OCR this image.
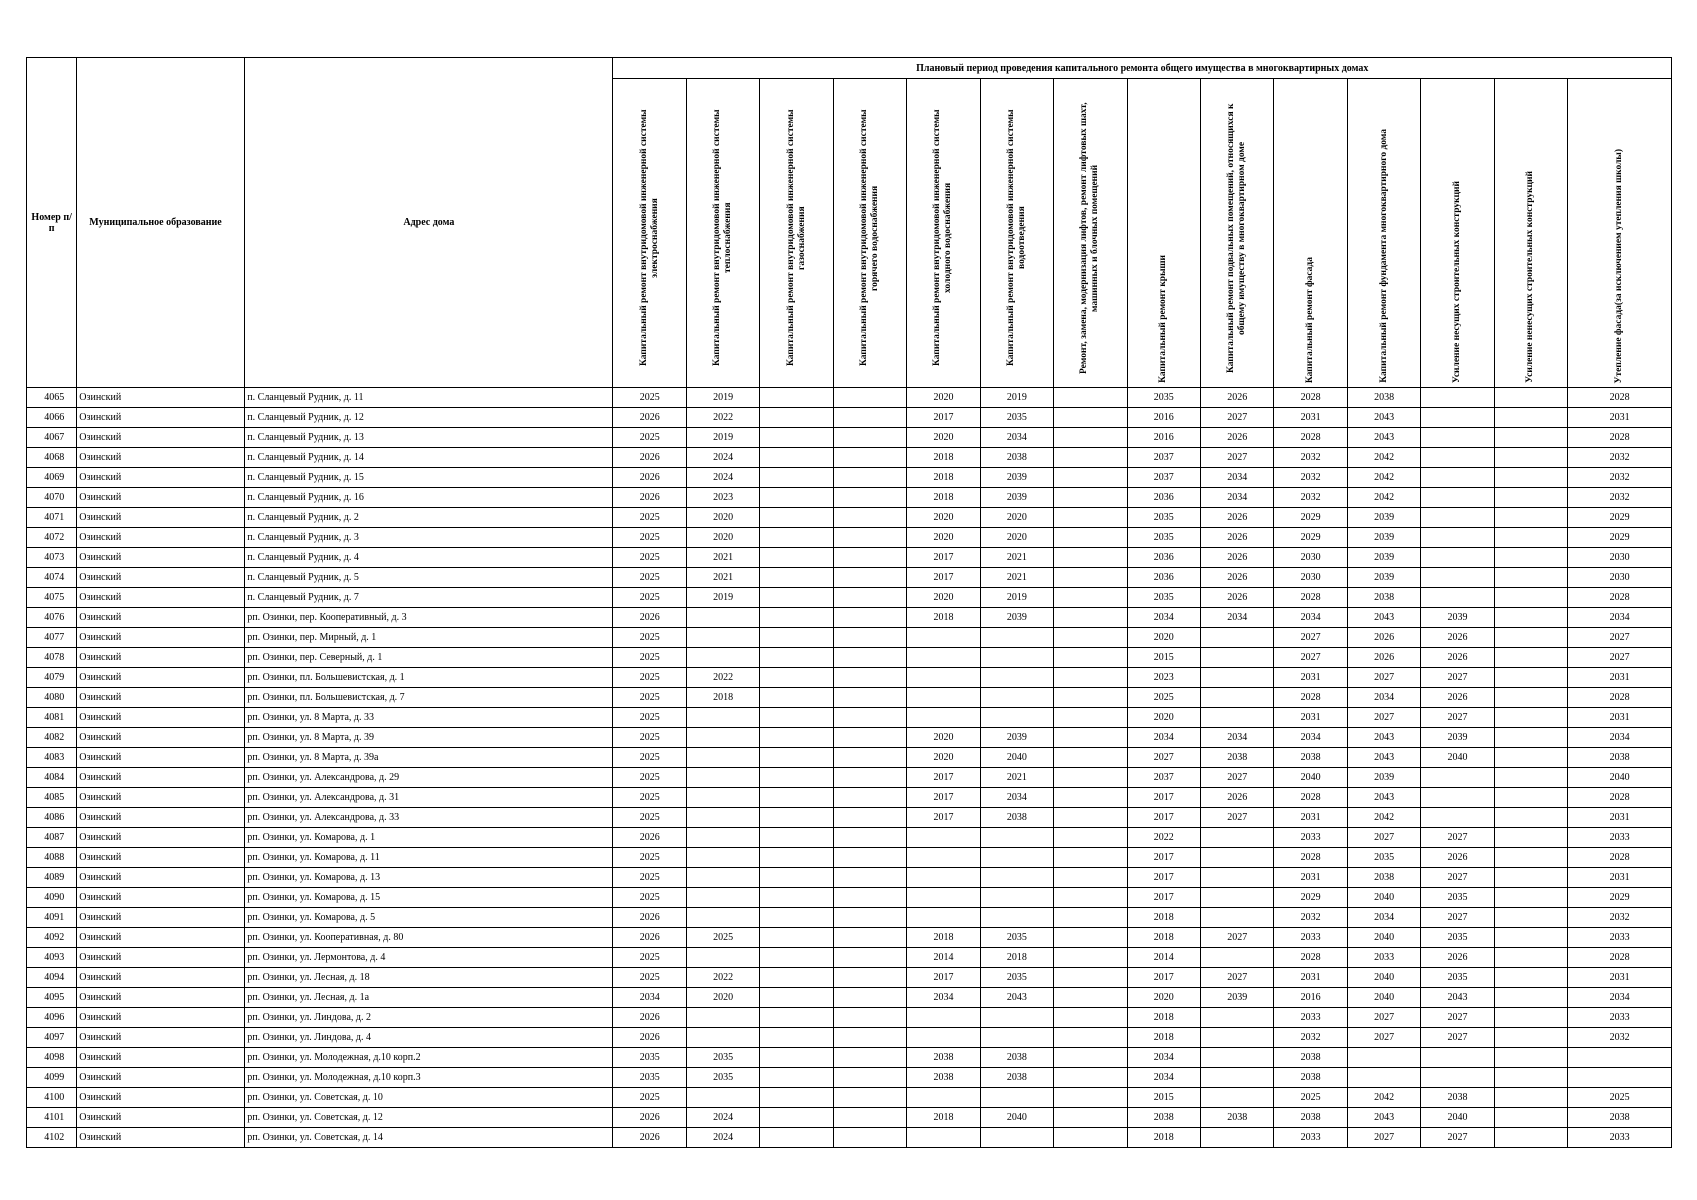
Номер п/п	Муниципальное образование	Адрес дома	Плановый период проведения капитального ремонта общего имущества в многоквартирных домах													

			Капитальный ремонт внутридомовой инженерной системы электроснабжения	Капитальный ремонт внутридомовой инженерной системы теплоснабжения	Капитальный ремонт внутридомовой инженерной системы газоснабжения	Капитальный ремонт внутридомовой инженерной системы горячего водоснабжения	Капитальный ремонт внутридомовой инженерной системы холодного водоснабжения	Капитальный ремонт внутридомовой инженерной системы водоотведения	Ремонт, замена, модернизация лифтов, ремонт лифтовых шахт, машинных и блочных помещений	Капитальный ремонт крыши	Капитальный ремонт подвальных помещений, относящихся к общему имуществу в многоквартирном доме	Капитальный ремонт фасада	Капитальный ремонт фундамента многоквартирного дома	Усиление несущих строительных конструкций	Усиление ненесущих строительных конструкций	Утепление фасада(за исключением утепления школы)

4065	Озинский	п. Сланцевый Рудник, д. 11	2025	2019			2020	2019		2035	2026	2028	2038			2028
4066	Озинский	п. Сланцевый Рудник, д. 12	2026	2022			2017	2035		2016	2027	2031	2043			2031
4067	Озинский	п. Сланцевый Рудник, д. 13	2025	2019			2020	2034		2016	2026	2028	2043			2028
4068	Озинский	п. Сланцевый Рудник, д. 14	2026	2024			2018	2038		2037	2027	2032	2042			2032
4069	Озинский	п. Сланцевый Рудник, д. 15	2026	2024			2018	2039		2037	2034	2032	2042			2032
4070	Озинский	п. Сланцевый Рудник, д. 16	2026	2023			2018	2039		2036	2034	2032	2042			2032
4071	Озинский	п. Сланцевый Рудник, д. 2	2025	2020			2020	2020		2035	2026	2029	2039			2029
4072	Озинский	п. Сланцевый Рудник, д. 3	2025	2020			2020	2020		2035	2026	2029	2039			2029
4073	Озинский	п. Сланцевый Рудник, д. 4	2025	2021			2017	2021		2036	2026	2030	2039			2030
4074	Озинский	п. Сланцевый Рудник, д. 5	2025	2021			2017	2021		2036	2026	2030	2039			2030
4075	Озинский	п. Сланцевый Рудник, д. 7	2025	2019			2020	2019		2035	2026	2028	2038			2028
4076	Озинский	рп. Озинки, пер. Кооперативный, д. 3	2026				2018	2039		2034	2034	2034	2043	2039		2034
4077	Озинский	рп. Озинки, пер. Мирный, д. 1	2025							2020		2027	2026	2026		2027
4078	Озинский	рп. Озинки, пер. Северный, д. 1	2025							2015		2027	2026	2026		2027
4079	Озинский	рп. Озинки, пл. Большевистская, д. 1	2025	2022						2023		2031	2027	2027		2031
4080	Озинский	рп. Озинки, пл. Большевистская, д. 7	2025	2018						2025		2028	2034	2026		2028
4081	Озинский	рп. Озинки, ул. 8 Марта, д. 33	2025							2020		2031	2027	2027		2031
4082	Озинский	рп. Озинки, ул. 8 Марта, д. 39	2025				2020	2039		2034	2034	2034	2043	2039		2034
4083	Озинский	рп. Озинки, ул. 8 Марта, д. 39а	2025				2020	2040		2027	2038	2038	2043	2040		2038
4084	Озинский	рп. Озинки, ул. Александрова, д. 29	2025				2017	2021		2037	2027	2040	2039			2040
4085	Озинский	рп. Озинки, ул. Александрова, д. 31	2025				2017	2034		2017	2026	2028	2043			2028
4086	Озинский	рп. Озинки, ул. Александрова, д. 33	2025				2017	2038		2017	2027	2031	2042			2031
4087	Озинский	рп. Озинки, ул. Комарова, д. 1	2026							2022		2033	2027	2027		2033
4088	Озинский	рп. Озинки, ул. Комарова, д. 11	2025							2017		2028	2035	2026		2028
4089	Озинский	рп. Озинки, ул. Комарова, д. 13	2025							2017		2031	2038	2027		2031
4090	Озинский	рп. Озинки, ул. Комарова, д. 15	2025							2017		2029	2040	2035		2029
4091	Озинский	рп. Озинки, ул. Комарова, д. 5	2026							2018		2032	2034	2027		2032
4092	Озинский	рп. Озинки, ул. Кооперативная, д. 80	2026	2025			2018	2035		2018	2027	2033	2040	2035		2033
4093	Озинский	рп. Озинки, ул. Лермонтова, д. 4	2025				2014	2018		2014		2028	2033	2026		2028
4094	Озинский	рп. Озинки, ул. Лесная, д. 18	2025	2022			2017	2035		2017	2027	2031	2040	2035		2031
4095	Озинский	рп. Озинки, ул. Лесная, д. 1а	2034	2020			2034	2043		2020	2039	2016	2040	2043		2034
4096	Озинский	рп. Озинки, ул. Линдова, д. 2	2026							2018		2033	2027	2027		2033
4097	Озинский	рп. Озинки, ул. Линдова, д. 4	2026							2018		2032	2027	2027		2032
4098	Озинский	рп. Озинки, ул. Молодежная, д.10 корп.2	2035	2035			2038	2038		2034		2038				
4099	Озинский	рп. Озинки, ул. Молодежная, д.10 корп.3	2035	2035			2038	2038		2034		2038				
4100	Озинский	рп. Озинки, ул. Советская, д. 10	2025							2015		2025	2042	2038		2025
4101	Озинский	рп. Озинки, ул. Советская, д. 12	2026	2024			2018	2040		2038	2038	2038	2043	2040		2038
4102	Озинский	рп. Озинки, ул. Советская, д. 14	2026	2024						2018		2033	2027	2027		2033
